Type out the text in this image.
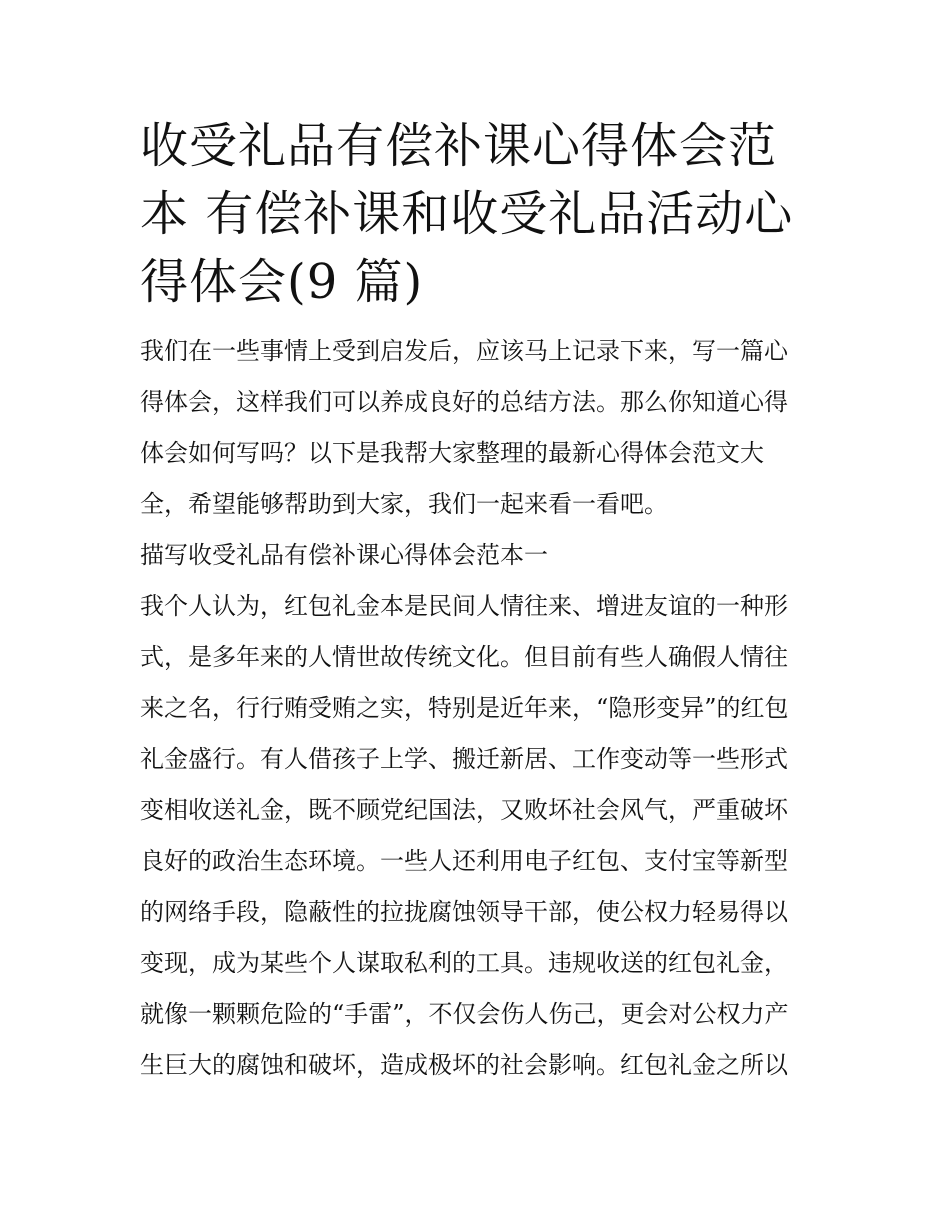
收受礼品有偿补课心得体会范
本 有偿补课和收受礼品活动心
得体会(9 篇)

我们在一些事情上受到启发后，应该马上记录下来，写一篇心
得体会，这样我们可以养成良好的总结方法。那么你知道心得
体会如何写吗？以下是我帮大家整理的最新心得体会范文大
全，希望能够帮助到大家，我们一起来看一看吧。

描写收受礼品有偿补课心得体会范本一

我个人认为，红包礼金本是民间人情往来、增进友谊的一种形
式，是多年来的人情世故传统文化。但目前有些人确假人情往
来之名，行行贿受贿之实，特别是近年来，“隐形变异”的红包
礼金盛行。有人借孩子上学、搬迁新居、工作变动等一些形式
变相收送礼金，既不顾党纪国法，又败坏社会风气，严重破坏
良好的政治生态环境。一些人还利用电子红包、支付宝等新型
的网络手段，隐蔽性的拉拢腐蚀领导干部，使公权力轻易得以
变现，成为某些个人谋取私利的工具。违规收送的红包礼金，
就像一颗颗危险的“手雷”，不仅会伤人伤己，更会对公权力产
生巨大的腐蚀和破坏，造成极坏的社会影响。红包礼金之所以
